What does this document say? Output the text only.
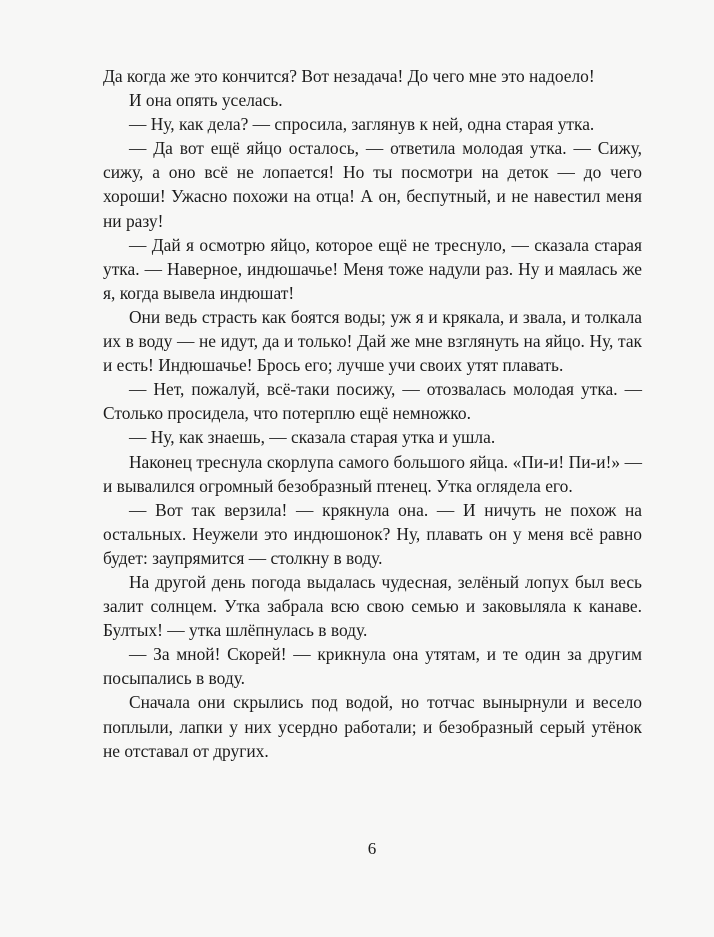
Да когда же это кончится? Вот незадача! До чего мне это надоело!

И она опять уселась.

— Ну, как дела? — спросила, заглянув к ней, одна старая утка.

— Да вот ещё яйцо осталось, — ответила молодая утка. — Сижу, сижу, а оно всё не лопается! Но ты посмотри на деток — до чего хороши! Ужасно похожи на отца! А он, беспутный, и не навестил меня ни разу!

— Дай я осмотрю яйцо, которое ещё не треснуло, — сказала старая утка. — Наверное, индюшачье! Меня тоже надули раз. Ну и маялась же я, когда вывела индюшат!

Они ведь страсть как боятся воды; уж я и крякала, и звала, и толкала их в воду — не идут, да и только! Дай же мне взглянуть на яйцо. Ну, так и есть! Индюшачье! Брось его; лучше учи своих утят плавать.

— Нет, пожалуй, всё-таки посижу, — отозвалась молодая утка. — Столько просидела, что потерплю ещё немножко.

— Ну, как знаешь, — сказала старая утка и ушла.

Наконец треснула скорлупа самого большого яйца. «Пи-и! Пи-и!» — и вывалился огромный безобразный птенец. Утка оглядела его.

— Вот так верзила! — крякнула она. — И ничуть не похож на остальных. Неужели это индюшонок? Ну, плавать он у меня всё равно будет: заупрямится — столкну в воду.

На другой день погода выдалась чудесная, зелёный лопух был весь залит солнцем. Утка забрала всю свою семью и заковыляла к канаве. Бултых! — утка шлёпнулась в воду.

— За мной! Скорей! — крикнула она утятам, и те один за другим посыпались в воду.

Сначала они скрылись под водой, но тотчас вынырнули и весело поплыли, лапки у них усердно работали; и безобразный серый утёнок не отставал от других.

6
